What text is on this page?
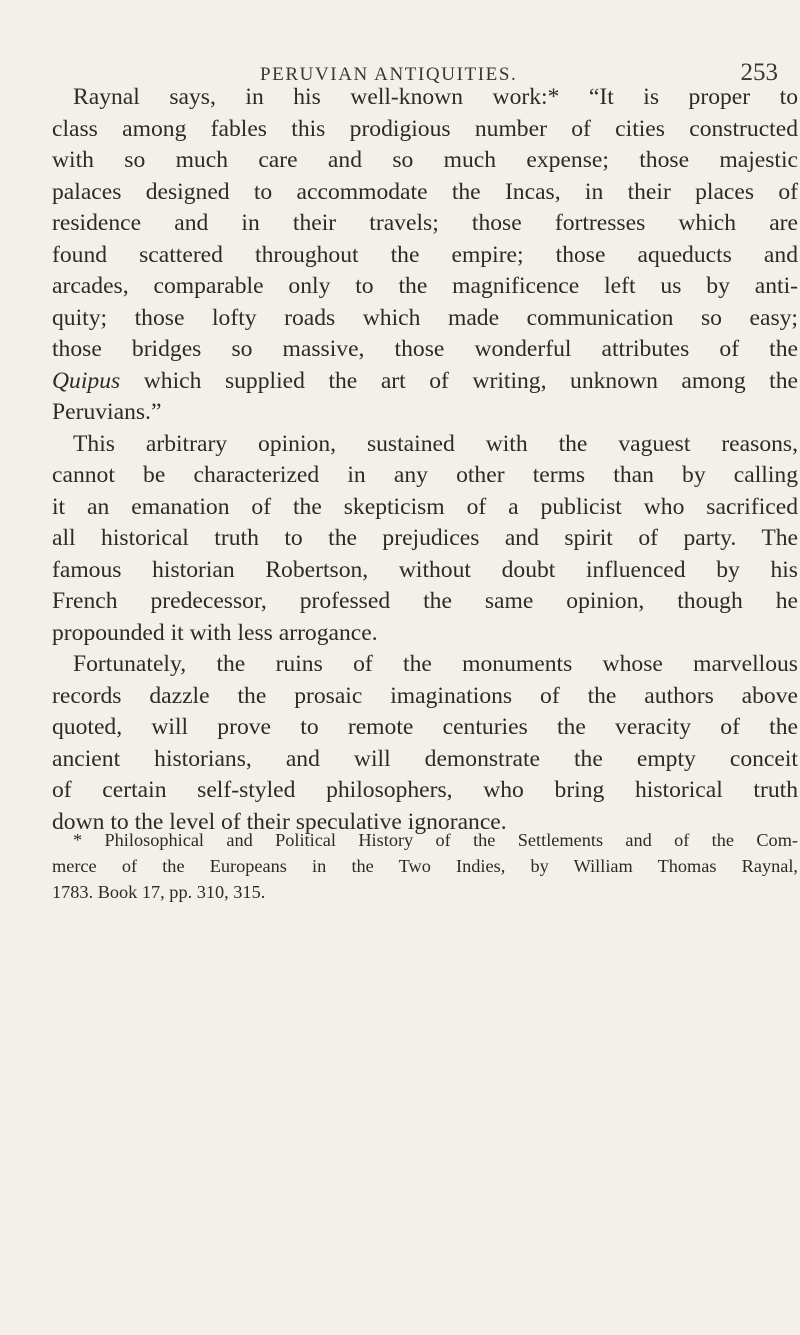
PERUVIAN ANTIQUITIES.	253
Raynal says, in his well-known work:* “It is proper to
class among fables this prodigious number of cities constructed
with so much care and so much expense; those majestic
palaces designed to accommodate the Incas, in their places of
residence and in their travels; those fortresses which are
found scattered throughout the empire; those aqueducts and
arcades, comparable only to the magnificence left us by anti-
quity; those lofty roads which made communication so easy;
those bridges so massive, those wonderful attributes of the
Quipus which supplied the art of writing, unknown among the
Peruvians.”
This arbitrary opinion, sustained with the vaguest reasons,
cannot be characterized in any other terms than by calling
it an emanation of the skepticism of a publicist who sacrificed
all historical truth to the prejudices and spirit of party. The
famous historian Robertson, without doubt influenced by his
French predecessor, professed the same opinion, though he
propounded it with less arrogance.
Fortunately, the ruins of the monuments whose marvellous
records dazzle the prosaic imaginations of the authors above
quoted, will prove to remote centuries the veracity of the
ancient historians, and will demonstrate the empty conceit
of certain self-styled philosophers, who bring historical truth
down to the level of their speculative ignorance.
* Philosophical and Political History of the Settlements and of the Com-
merce of the Europeans in the Two Indies, by William Thomas Raynal,
1783. Book 17, pp. 310, 315.
